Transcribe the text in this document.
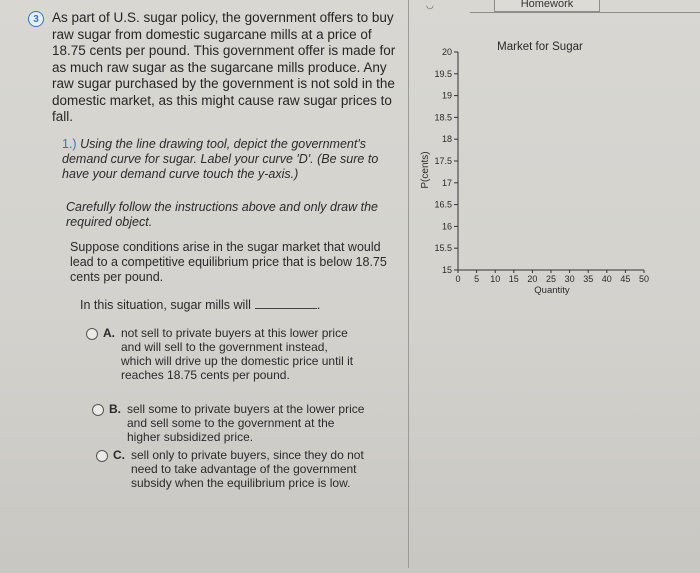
◡	Homework
3 As part of U.S. sugar policy, the government offers to buy raw sugar from domestic sugarcane mills at a price of 18.75 cents per pound. This government offer is made for as much raw sugar as the sugarcane mills produce. Any raw sugar purchased by the government is not sold in the domestic market, as this might cause raw sugar prices to fall.
1.) Using the line drawing tool, depict the government's demand curve for sugar. Label your curve 'D'. (Be sure to have your demand curve touch the y-axis.)
Carefully follow the instructions above and only draw the required object.
Suppose conditions arise in the sugar market that would lead to a competitive equilibrium price that is below 18.75 cents per pound.
In this situation, sugar mills will	.
A. not sell to private buyers at this lower price and will sell to the government instead, which will drive up the domestic price until it reaches 18.75 cents per pound.
B. sell some to private buyers at the lower price and sell some to the government at the higher subsidized price.
C. sell only to private buyers, since they do not need to take advantage of the government subsidy when the equilibrium price is low.
Market for Sugar
P(cents)
Quantity
15
15.5
16
16.5
17
17.5
18
18.5
19
19.5
20
0 5 10 15 20 25 30 35 40 45 50
